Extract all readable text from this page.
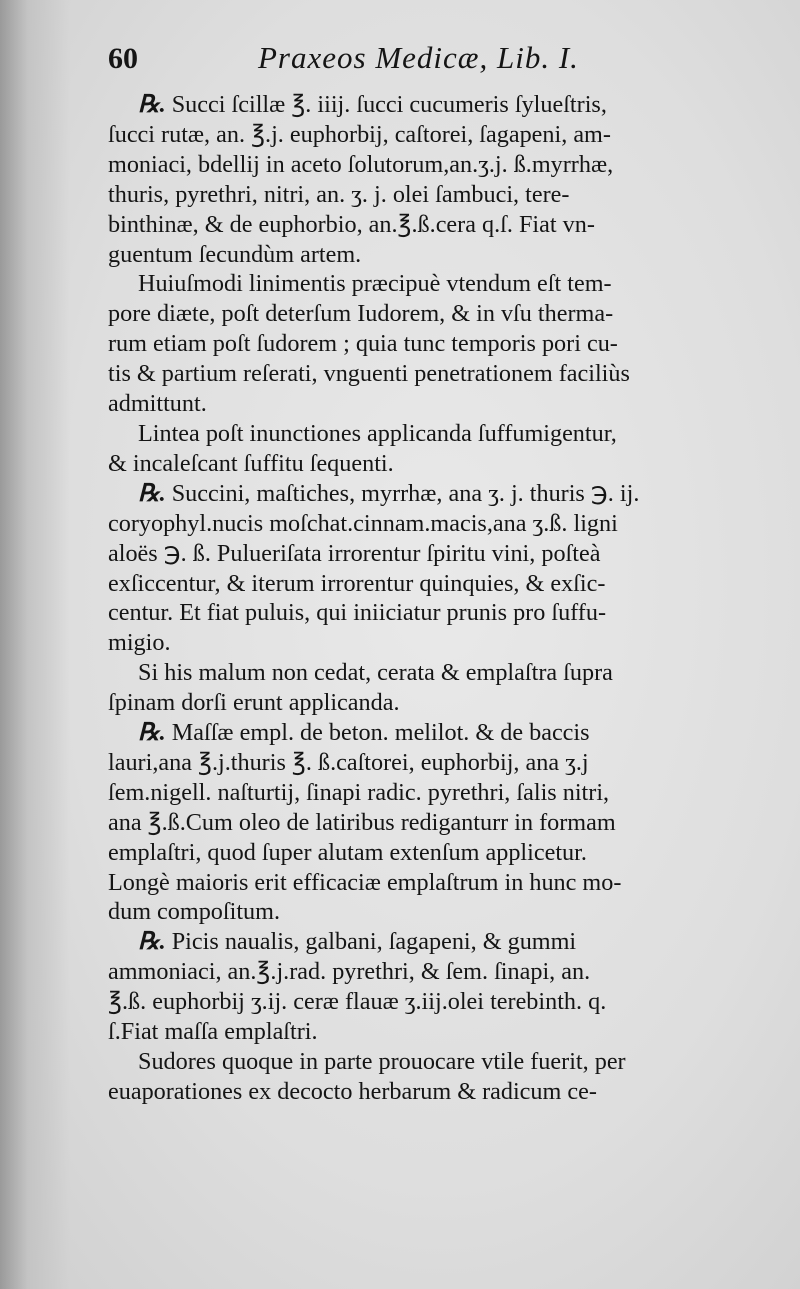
60	Praxeos Medicæ, Lib. I.

℞. Succi ſcillæ ℥. iiij. ſucci cucumeris ſylueſtris,
ſucci rutæ, an. ℥.j. euphorbij, caſtorei, ſagapeni, am-
moniaci, bdellij in aceto ſolutorum,an.ʒ.j. ß.myrrhæ,
thuris, pyrethri, nitri, an. ʒ. j. olei ſambuci, tere-
binthinæ, & de euphorbio, an.℥.ß.cera q.ſ. Fiat vn-
guentum ſecundùm artem.

Huiuſmodi linimentis præcipuè vtendum eſt tem-
pore diæte, poſt deterſum Iudorem, & in vſu therma-
rum etiam poſt ſudorem ; quia tunc temporis pori cu-
tis & partium reſerati, vnguenti penetrationem faciliùs
admittunt.

Lintea poſt inunctiones applicanda ſuffumigentur,
& incaleſcant ſuffitu ſequenti.

℞. Succini, maſtiches, myrrhæ, ana ʒ. j. thuris ℈. ij.
coryophyl.nucis moſchat.cinnam.macis,ana ʒ.ß. ligni
aloës ℈. ß. Pulueriſata irrorentur ſpiritu vini, poſteà
exſiccentur, & iterum irrorentur quinquies, & exſic-
centur. Et fiat puluis, qui iniiciatur prunis pro ſuffu-
migio.

Si his malum non cedat, cerata & emplaſtra ſupra
ſpinam dorſi erunt applicanda.

℞. Maſſæ empl. de beton. melilot. & de baccis
lauri,ana ℥.j.thuris ℥. ß.caſtorei, euphorbij, ana ʒ.j
ſem.nigell. naſturtij, ſinapi radic. pyrethri, ſalis nitri,
ana ℥.ß.Cum oleo de latiribus rediganturr in formam
emplaſtri, quod ſuper alutam extenſum applicetur.
Longè maioris erit efficaciæ emplaſtrum in hunc mo-
dum compoſitum.

℞. Picis naualis, galbani, ſagapeni, & gummi
ammoniaci, an.℥.j.rad. pyrethri, & ſem. ſinapi, an.
℥.ß. euphorbij ʒ.ij. ceræ flauæ ʒ.iij.olei terebinth. q.
ſ.Fiat maſſa emplaſtri.

Sudores quoque in parte prouocare vtile fuerit, per
euaporationes ex decocto herbarum & radicum ce-
